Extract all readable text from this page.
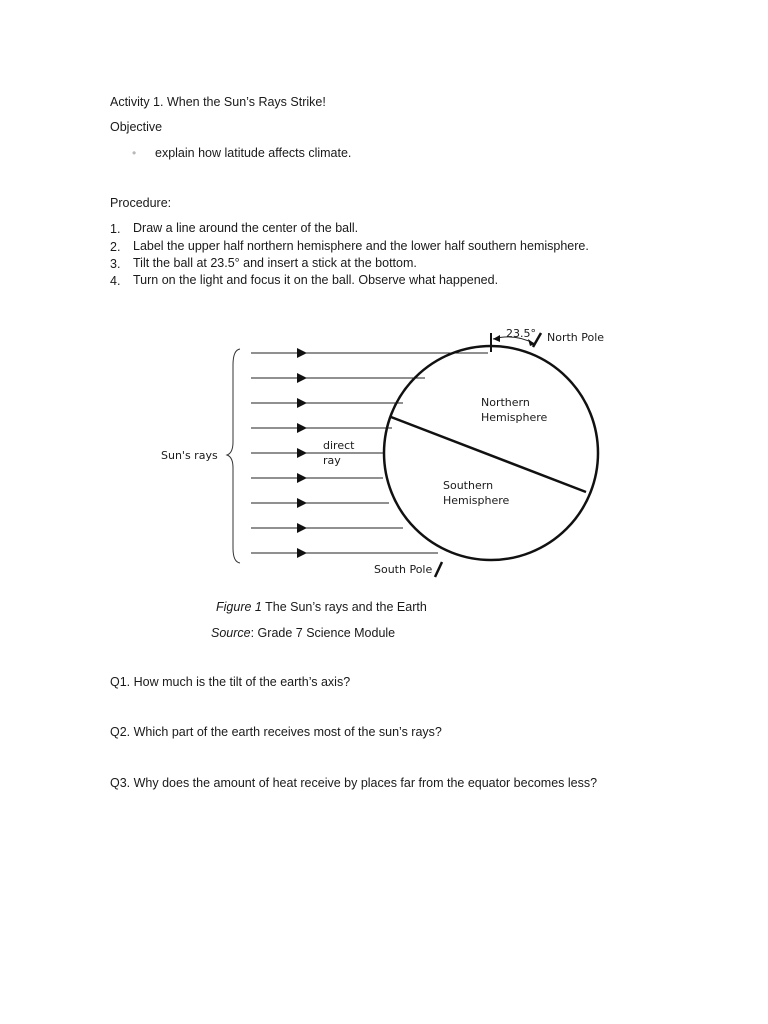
Activity 1. When the Sun’s Rays Strike!
Objective
• explain how latitude affects climate.
Procedure:
1. Draw a line around the center of the ball.
2. Label the upper half northern hemisphere and the lower half southern hemisphere.
3. Tilt the ball at 23.5° and insert a stick at the bottom.
4. Turn on the light and focus it on the ball. Observe what happened.
23.5° North Pole
South Pole
Northern
Hemisphere
Southern
Hemisphere
Sun's rays
direct
ray
Figure 1 The Sun’s rays and the Earth
Source: Grade 7 Science Module
Q1. How much is the tilt of the earth’s axis?
Q2. Which part of the earth receives most of the sun’s rays?
Q3. Why does the amount of heat receive by places far from the equator becomes less?
